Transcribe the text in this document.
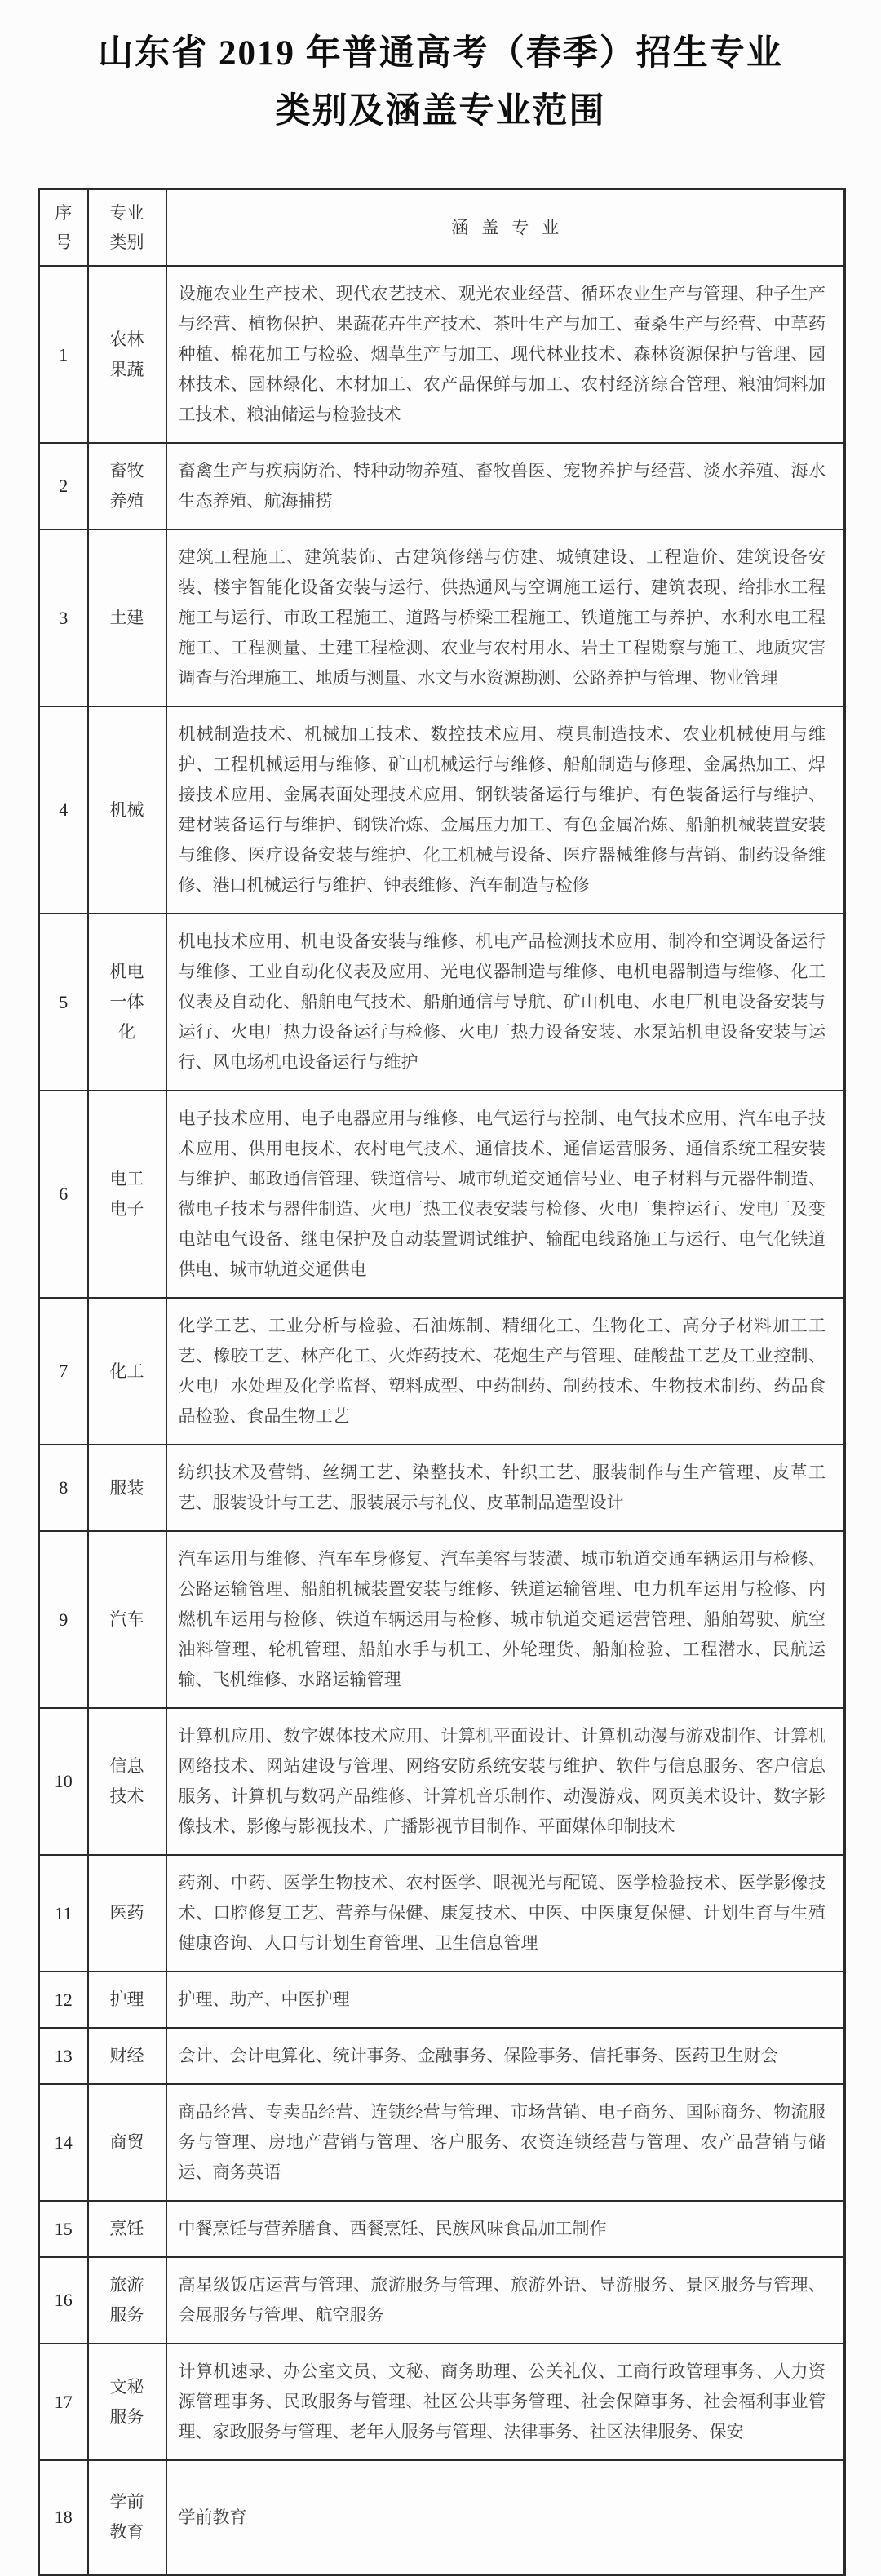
山东省 2019 年普通高考（春季）招生专业
类别及涵盖专业范围
序号	专业类别	涵盖专业
1	农林果蔬	设施农业生产技术、现代农艺技术、观光农业经营、循环农业生产与管理、种子生产与经营、植物保护、果蔬花卉生产技术、茶叶生产与加工、蚕桑生产与经营、中草药种植、棉花加工与检验、烟草生产与加工、现代林业技术、森林资源保护与管理、园林技术、园林绿化、木材加工、农产品保鲜与加工、农村经济综合管理、粮油饲料加工技术、粮油储运与检验技术
2	畜牧养殖	畜禽生产与疾病防治、特种动物养殖、畜牧兽医、宠物养护与经营、淡水养殖、海水生态养殖、航海捕捞
3	土建	建筑工程施工、建筑装饰、古建筑修缮与仿建、城镇建设、工程造价、建筑设备安装、楼宇智能化设备安装与运行、供热通风与空调施工运行、建筑表现、给排水工程施工与运行、市政工程施工、道路与桥梁工程施工、铁道施工与养护、水利水电工程施工、工程测量、土建工程检测、农业与农村用水、岩土工程勘察与施工、地质灾害调查与治理施工、地质与测量、水文与水资源勘测、公路养护与管理、物业管理
4	机械	机械制造技术、机械加工技术、数控技术应用、模具制造技术、农业机械使用与维护、工程机械运用与维修、矿山机械运行与维修、船舶制造与修理、金属热加工、焊接技术应用、金属表面处理技术应用、钢铁装备运行与维护、有色装备运行与维护、建材装备运行与维护、钢铁冶炼、金属压力加工、有色金属冶炼、船舶机械装置安装与维修、医疗设备安装与维护、化工机械与设备、医疗器械维修与营销、制药设备维修、港口机械运行与维护、钟表维修、汽车制造与检修
5	机电一体化	机电技术应用、机电设备安装与维修、机电产品检测技术应用、制冷和空调设备运行与维修、工业自动化仪表及应用、光电仪器制造与维修、电机电器制造与维修、化工仪表及自动化、船舶电气技术、船舶通信与导航、矿山机电、水电厂机电设备安装与运行、火电厂热力设备运行与检修、火电厂热力设备安装、水泵站机电设备安装与运行、风电场机电设备运行与维护
6	电工电子	电子技术应用、电子电器应用与维修、电气运行与控制、电气技术应用、汽车电子技术应用、供用电技术、农村电气技术、通信技术、通信运营服务、通信系统工程安装与维护、邮政通信管理、铁道信号、城市轨道交通信号业、电子材料与元器件制造、微电子技术与器件制造、火电厂热工仪表安装与检修、火电厂集控运行、发电厂及变电站电气设备、继电保护及自动装置调试维护、输配电线路施工与运行、电气化铁道供电、城市轨道交通供电
7	化工	化学工艺、工业分析与检验、石油炼制、精细化工、生物化工、高分子材料加工工艺、橡胶工艺、林产化工、火炸药技术、花炮生产与管理、硅酸盐工艺及工业控制、火电厂水处理及化学监督、塑料成型、中药制药、制药技术、生物技术制药、药品食品检验、食品生物工艺
8	服装	纺织技术及营销、丝绸工艺、染整技术、针织工艺、服装制作与生产管理、皮革工艺、服装设计与工艺、服装展示与礼仪、皮革制品造型设计
9	汽车	汽车运用与维修、汽车车身修复、汽车美容与装潢、城市轨道交通车辆运用与检修、公路运输管理、船舶机械装置安装与维修、铁道运输管理、电力机车运用与检修、内燃机车运用与检修、铁道车辆运用与检修、城市轨道交通运营管理、船舶驾驶、航空油料管理、轮机管理、船舶水手与机工、外轮理货、船舶检验、工程潜水、民航运输、飞机维修、水路运输管理
10	信息技术	计算机应用、数字媒体技术应用、计算机平面设计、计算机动漫与游戏制作、计算机网络技术、网站建设与管理、网络安防系统安装与维护、软件与信息服务、客户信息服务、计算机与数码产品维修、计算机音乐制作、动漫游戏、网页美术设计、数字影像技术、影像与影视技术、广播影视节目制作、平面媒体印制技术
11	医药	药剂、中药、医学生物技术、农村医学、眼视光与配镜、医学检验技术、医学影像技术、口腔修复工艺、营养与保健、康复技术、中医、中医康复保健、计划生育与生殖健康咨询、人口与计划生育管理、卫生信息管理
12	护理	护理、助产、中医护理
13	财经	会计、会计电算化、统计事务、金融事务、保险事务、信托事务、医药卫生财会
14	商贸	商品经营、专卖品经营、连锁经营与管理、市场营销、电子商务、国际商务、物流服务与管理、房地产营销与管理、客户服务、农资连锁经营与管理、农产品营销与储运、商务英语
15	烹饪	中餐烹饪与营养膳食、西餐烹饪、民族风味食品加工制作
16	旅游服务	高星级饭店运营与管理、旅游服务与管理、旅游外语、导游服务、景区服务与管理、会展服务与管理、航空服务
17	文秘服务	计算机速录、办公室文员、文秘、商务助理、公关礼仪、工商行政管理事务、人力资源管理事务、民政服务与管理、社区公共事务管理、社会保障事务、社会福利事业管理、家政服务与管理、老年人服务与管理、法律事务、社区法律服务、保安
18	学前教育	学前教育
